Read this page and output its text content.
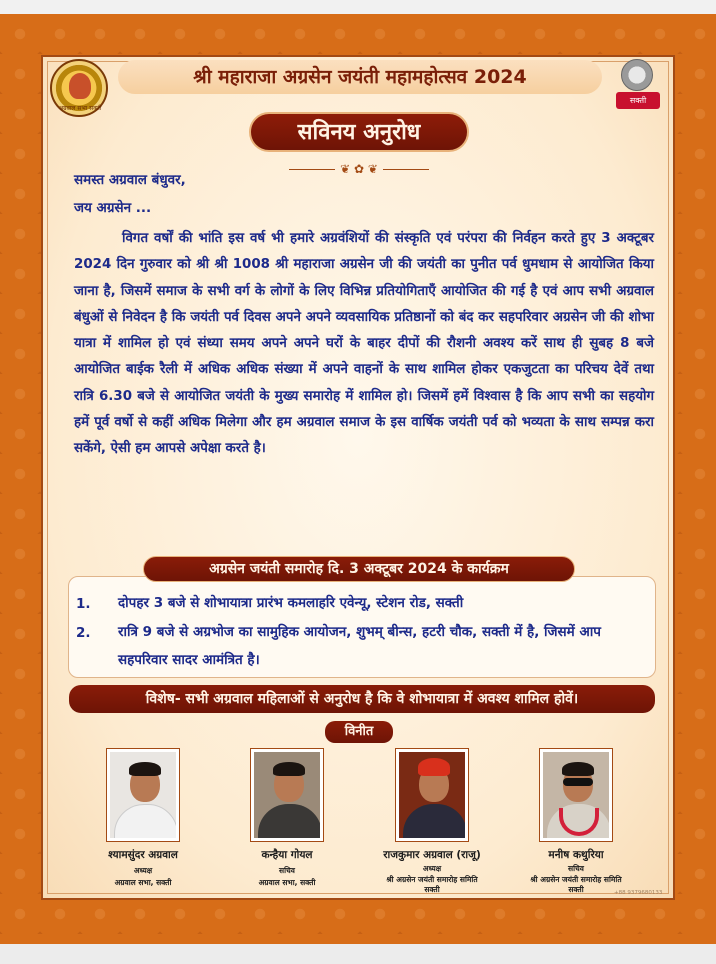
अग्रवाल सभा सक्ती
सक्ती
श्री महाराजा अग्रसेन जयंती महामहोत्सव 2024
सविनय अनुरोध
❦ ✿ ❦
समस्त अग्रवाल बंधुवर,
जय अग्रसेन ...
विगत वर्षों की भांति इस वर्ष भी हमारे अग्रवंशियों की संस्कृति एवं परंपरा की निर्वहन करते हुए 3 अक्टूबर 2024 दिन गुरुवार को श्री श्री 1008 श्री महाराजा अग्रसेन जी की जयंती का पुनीत पर्व धुमधाम से आयोजित किया जाना है, जिसमें समाज के सभी वर्ग के लोगों के लिए विभिन्न प्रतियोगिताएँ आयोजित की गई है एवं आप सभी अग्रवाल बंधुओं से निवेदन है कि जयंती पर्व दिवस अपने अपने व्यवसायिक प्रतिष्ठानों को बंद कर सहपरिवार अग्रसेन जी की शोभा यात्रा में शामिल हो एवं संध्या समय अपने अपने घरों के बाहर दीपों की रौशनी अवश्य करें साथ ही सुबह 8 बजे आयोजित बाईक रैली में अधिक अधिक संख्या में अपने वाहनों के साथ शामिल होकर एकजुटता का परिचय देवें तथा रात्रि 6.30 बजे से आयोजित जयंती के मुख्य समारोह में शामिल हो। जिसमें हमें विश्वास है कि आप सभी का सहयोग हमें पूर्व वर्षो से कहीं अधिक मिलेगा और हम अग्रवाल समाज के इस वार्षिक जयंती पर्व को भव्यता के साथ सम्पन्न करा सकेंगे, ऐसी हम आपसे अपेक्षा करते है।
अग्रसेन जयंती समारोह दि. 3 अक्टूबर 2024 के कार्यक्रम
1. दोपहर 3 बजे से शोभायात्रा प्रारंभ कमलाहरि एवेन्यू, स्टेशन रोड, सक्ती
2. रात्रि 9 बजे से अग्रभोज का सामुहिक आयोजन, शुभम् बीन्स, हटरी चौक, सक्ती में है, जिसमें आप सहपरिवार सादर आमंत्रित है।
विशेष- सभी अग्रवाल महिलाओं से अनुरोध है कि वे शोभायात्रा में अवश्य शामिल होवें।
विनीत
श्यामसुंदर अग्रवाल
अध्यक्ष
अग्रवाल सभा, सक्ती
कन्हैया गोयल
सचिव
अग्रवाल सभा, सक्ती
राजकुमार अग्रवाल (राजू)
अध्यक्ष
श्री अग्रसेन जयंती समारोह समिति
सक्ती
मनीष कथुरिया
सचिव
श्री अग्रसेन जयंती समारोह समिति
सक्ती	+88 9379680133
